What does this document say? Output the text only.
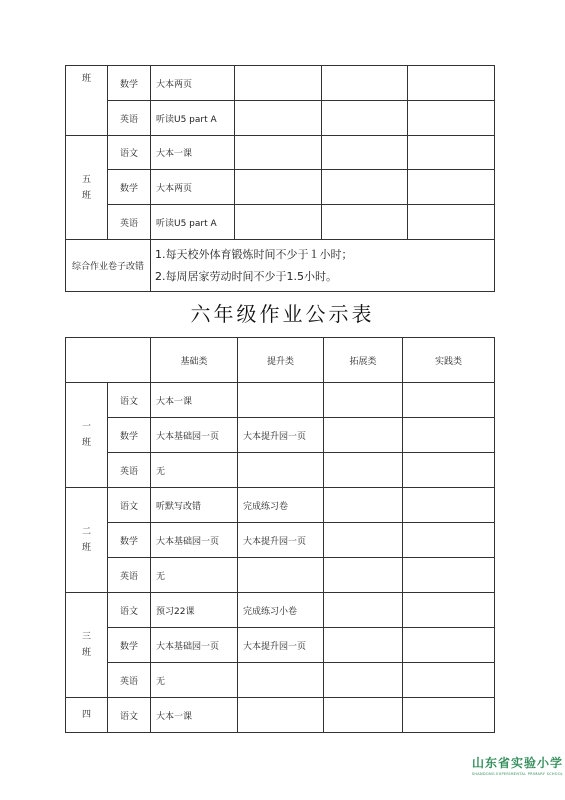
班	数学	大本两页			
	英语	听读U5 part A			
五
班	语文	大本一课			
	数学	大本两页			
	英语	听读U5 part A			
综合作业卷子改错		1.每天校外体育锻炼时间不少于１小时；
2.每周居家劳动时间不少于1.5小时。			
六年级作业公示表
		基础类	提升类	拓展类	实践类
一
班	语文	大本一课			
	数学	大本基础园一页	大本提升园一页		
	英语	无			
二
班	语文	听默写改错	完成练习卷		
	数学	大本基础园一页	大本提升园一页		
	英语	无			
三
班	语文	预习22课	完成练习小卷		
	数学	大本基础园一页	大本提升园一页		
	英语	无			
四	语文	大本一课			
山东省实验小学
SHANDONG EXPERIMENTAL PRIMARY SCHOOL
